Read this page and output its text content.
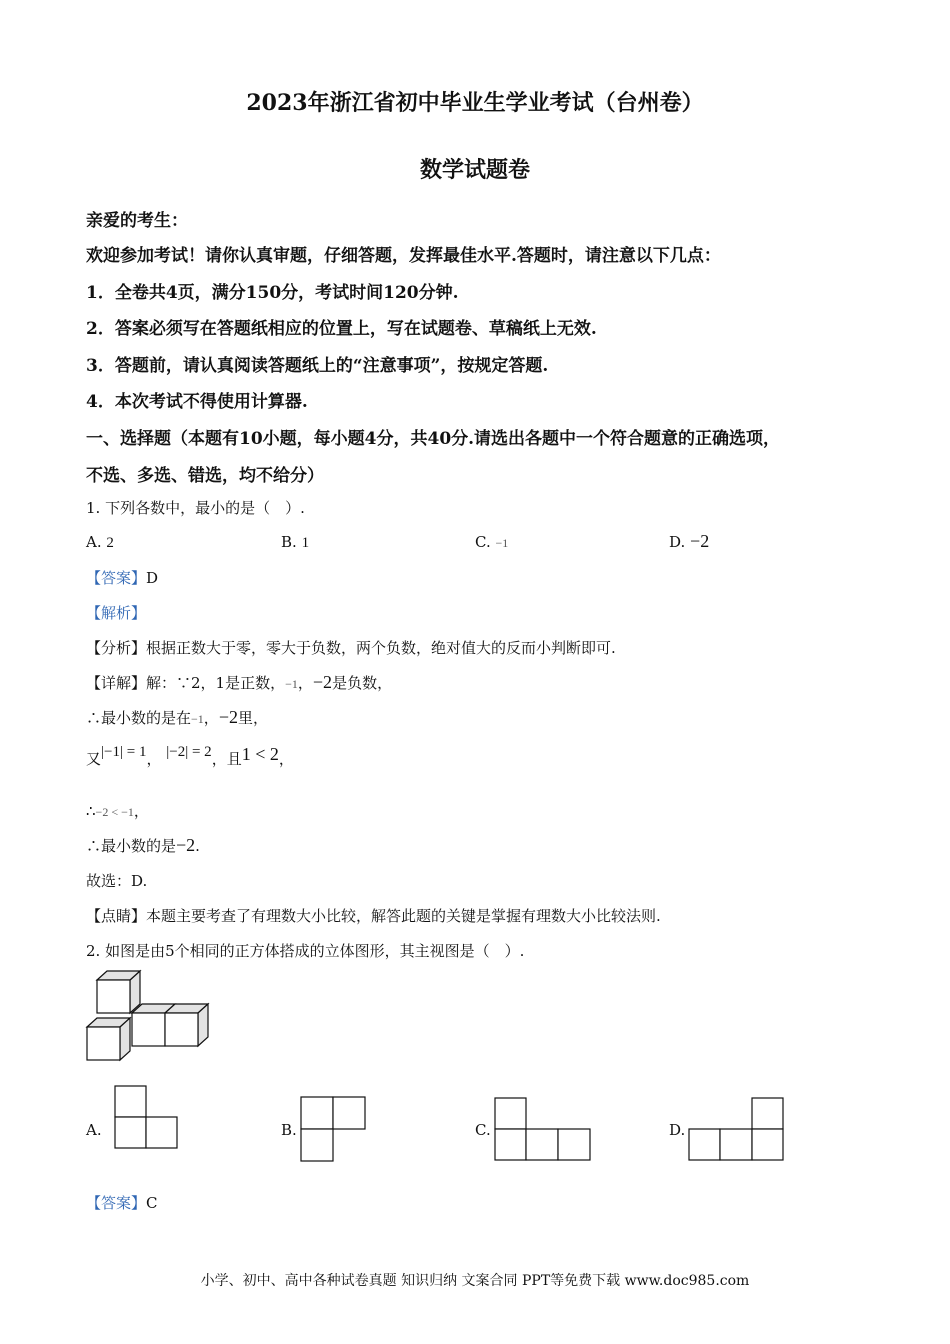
2023年浙江省初中毕业生学业考试（台州卷）
数学试题卷
亲爱的考生：
欢迎参加考试！请你认真审题，仔细答题，发挥最佳水平.答题时，请注意以下几点：
1．全卷共4页，满分150分，考试时间120分钟.
2．答案必须写在答题纸相应的位置上，写在试题卷、草稿纸上无效.
3．答题前，请认真阅读答题纸上的“注意事项”，按规定答题.
4．本次考试不得使用计算器.
一、选择题（本题有10小题，每小题4分，共40分.请选出各题中一个符合题意的正确选项，
不选、多选、错选，均不给分）
1. 下列各数中，最小的是（　）.
A. 2	B. 1	C. −1	D. −2
【答案】D
【解析】
【分析】根据正数大于零，零大于负数，两个负数，绝对值大的反而小判断即可.
【详解】解：∵2，1是正数，−1，−2是负数，
∴最小数的是在−1，−2里，
又|−1| = 1， |−2| = 2，且1 < 2，
∴−2 < −1，
∴最小数的是−2.
故选：D.
【点睛】本题主要考查了有理数大小比较，解答此题的关键是掌握有理数大小比较法则.
2. 如图是由5个相同的正方体搭成的立体图形，其主视图是（　）.
A.	B.	C.	D.
【答案】C
小学、初中、高中各种试卷真题 知识归纳 文案合同 PPT等免费下载 www.doc985.com
